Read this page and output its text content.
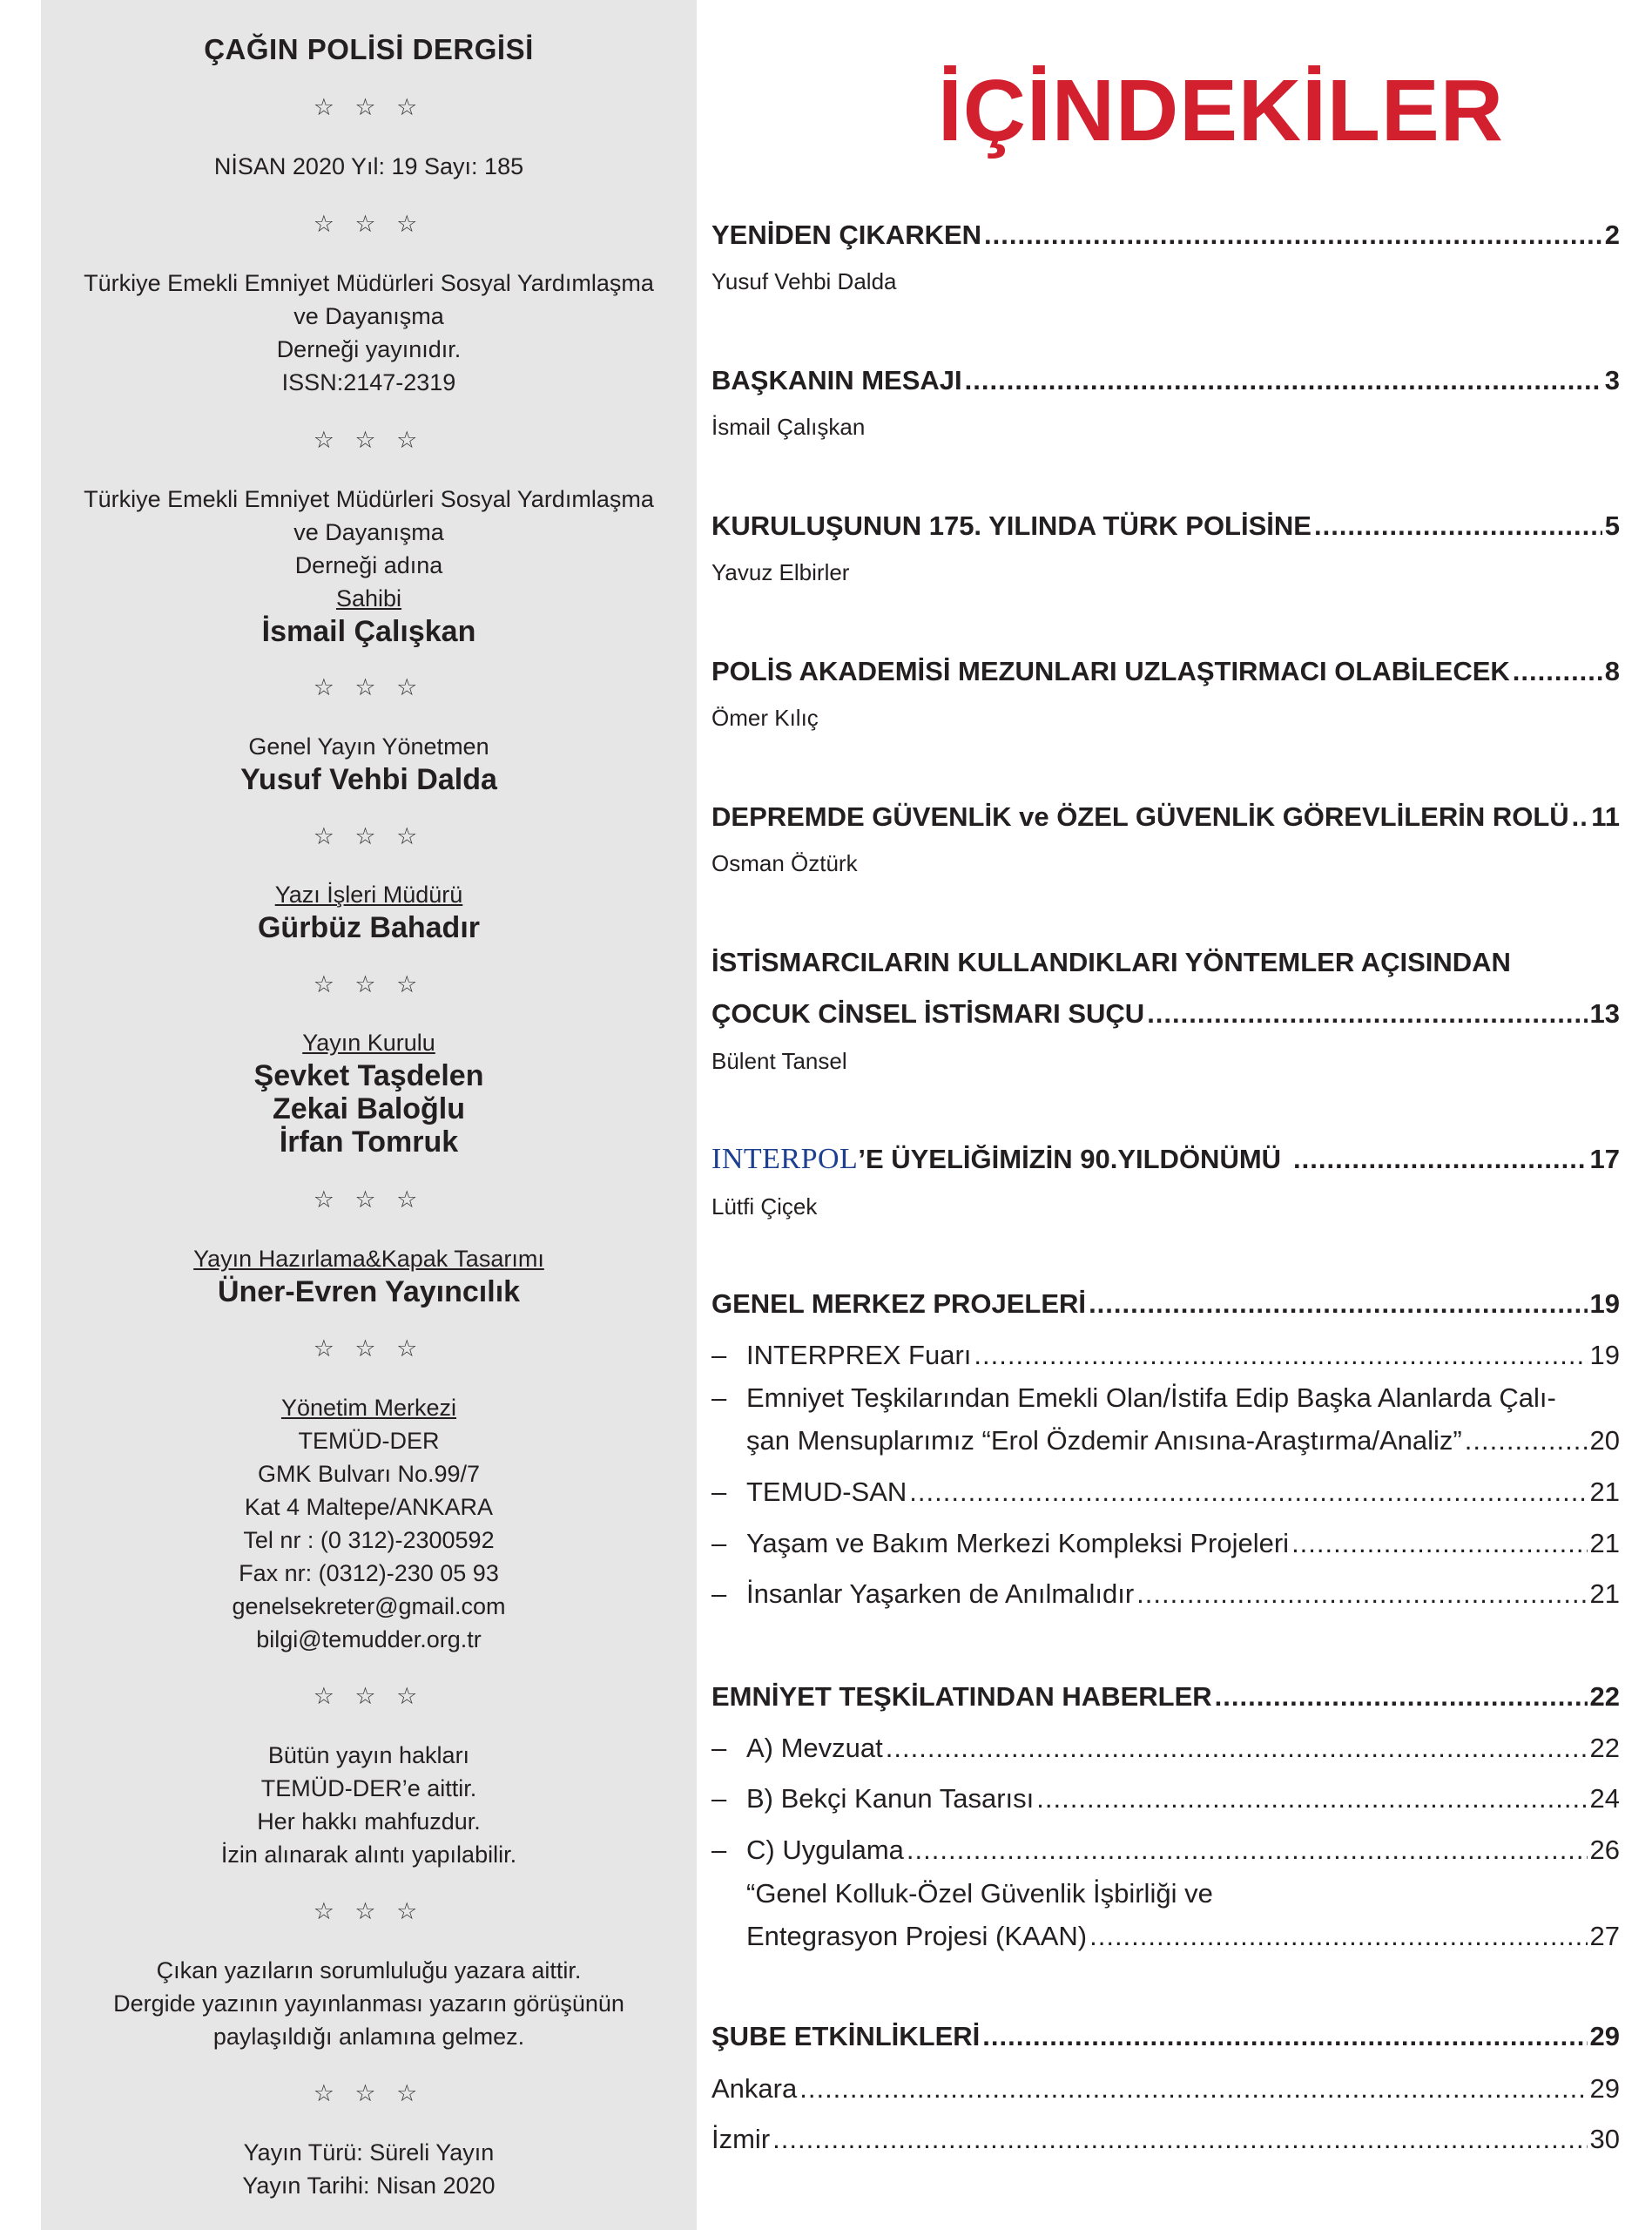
ÇAĞIN POLİSİ DERGİSİ
☆ ☆ ☆
NİSAN 2020 Yıl: 19 Sayı: 185
☆ ☆ ☆
Türkiye Emekli Emniyet Müdürleri Sosyal Yardımlaşma
ve Dayanışma
Derneği yayınıdır.
ISSN:2147-2319
☆ ☆ ☆
Türkiye Emekli Emniyet Müdürleri Sosyal Yardımlaşma
ve Dayanışma
Derneği adına
Sahibi
İsmail Çalışkan
☆ ☆ ☆
Genel Yayın Yönetmen
Yusuf Vehbi Dalda
☆ ☆ ☆
Yazı İşleri Müdürü
Gürbüz Bahadır
☆ ☆ ☆
Yayın Kurulu
Şevket Taşdelen
Zekai Baloğlu
İrfan Tomruk
☆ ☆ ☆
Yayın Hazırlama&Kapak Tasarımı
Üner-Evren Yayıncılık
☆ ☆ ☆
Yönetim Merkezi
TEMÜD-DER
GMK Bulvarı No.99/7
Kat 4 Maltepe/ANKARA
Tel nr : (0 312)-2300592
Fax nr: (0312)-230 05 93
genelsekreter@gmail.com
bilgi@temudder.org.tr
☆ ☆ ☆
Bütün yayın hakları
TEMÜD-DER’e aittir.
Her hakkı mahfuzdur.
İzin alınarak alıntı yapılabilir.
☆ ☆ ☆
Çıkan yazıların sorumluluğu yazara aittir.
Dergide yazının yayınlanması yazarın görüşünün
paylaşıldığı anlamına gelmez.
☆ ☆ ☆
Yayın Türü: Süreli Yayın
Yayın Tarihi: Nisan 2020
İÇİNDEKİLER
YENİDEN ÇIKARKEN .....	2
Yusuf Vehbi Dalda
BAŞKANIN MESAJI .....	3
İsmail Çalışkan
KURULUŞUNUN 175. YILINDA TÜRK POLİSİNE .....	5
Yavuz Elbirler
POLİS AKADEMİSİ MEZUNLARI UZLAŞTIRMACI OLABİLECEK .....	8
Ömer Kılıç
DEPREMDE GÜVENLİK ve ÖZEL GÜVENLİK GÖREVLİLERİN ROLÜ ..... 11
Osman Öztürk
İSTİSMARCILARIN KULLANDIKLARI YÖNTEMLER AÇISINDAN
ÇOCUK CİNSEL İSTİSMARI SUÇU .....	13
Bülent Tansel
INTERPOL’E ÜYELİĞİMİZİN 90.YILDÖNÜMÜ .....	17
Lütfi Çiçek
GENEL MERKEZ PROJELERİ .....	19
– INTERPREX Fuarı .....	19
– Emniyet Teşkilarından Emekli Olan/İstifa Edip Başka Alanlarda Çalı-
şan Mensuplarımız “Erol Özdemir Anısına-Araştırma/Analiz” .....	20
– TEMUD-SAN .....	21
– Yaşam ve Bakım Merkezi Kompleksi Projeleri .....	21
– İnsanlar Yaşarken de Anılmalıdır .....	21
EMNİYET TEŞKİLATINDAN HABERLER .....	22
– A) Mevzuat .....	22
– B) Bekçi Kanun Tasarısı .....	24
– C) Uygulama .....	26
“Genel Kolluk-Özel Güvenlik İşbirliği ve
Entegrasyon Projesi (KAAN) .....	27
ŞUBE ETKİNLİKLERİ .....	29
Ankara .....	29
İzmir .....	30
